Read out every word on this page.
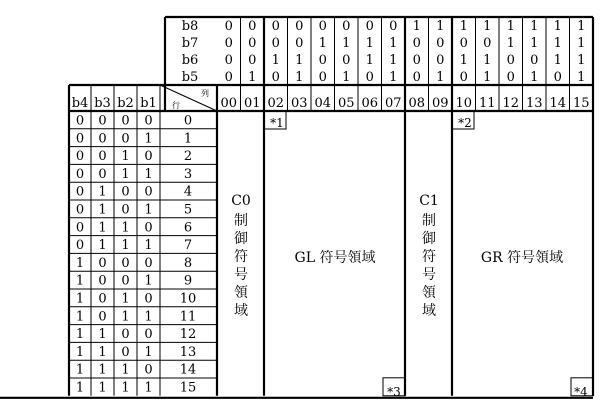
b8
b7
b6
b5
0
0
0
0
00
0
0
0
1
01
0
0
1
0
02
0
0
1
1
03
0
1
0
0
04
0
1
0
1
05
0
1
1
0
06
0
1
1
1
07
1
0
0
0
08
1
0
0
1
09
1
0
1
0
10
1
0
1
1
11
1
1
0
0
12
1
1
0
1
13
1
1
1
0
14
1
1
1
1
15
b4 b3 b2 b1
列
行
0 0 0 0 0
0 0 0 1 1
0 0 1 0 2
0 0 1 1 3
0 1 0 0 4
0 1 0 1 5
0 1 1 0 6
0 1 1 1 7
1 0 0 0 8
1 0 0 1 9
1 0 1 0 10
1 0 1 1 11
1 1 0 0 12
1 1 0 1 13
1 1 1 0 14
1 1 1 1 15
制
御
符
号
領
域
制
御
符
号
領
域
C0
GL 符号領域
C1
GR 符号領域
*1	*2
*3	*4
